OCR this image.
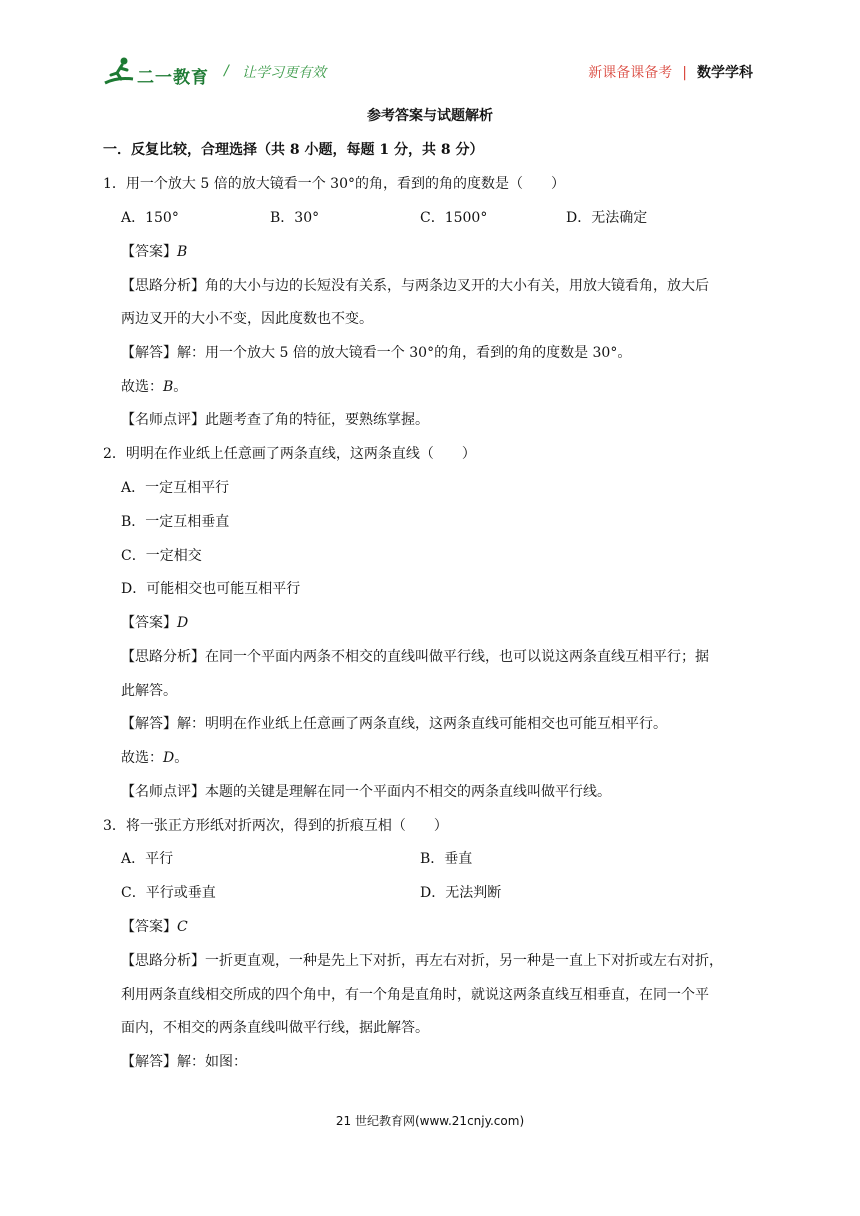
二一教育 / 让学习更有效	新课备课备考 | 数学学科
参考答案与试题解析
一．反复比较，合理选择（共 8 小题，每题 1 分，共 8 分）
1．用一个放大 5 倍的放大镜看一个 30°的角，看到的角的度数是（　　）
A．150°	B．30°	C．1500°	D．无法确定
【答案】B
【思路分析】角的大小与边的长短没有关系，与两条边叉开的大小有关，用放大镜看角，放大后
两边叉开的大小不变，因此度数也不变。
【解答】解：用一个放大 5 倍的放大镜看一个 30°的角，看到的角的度数是 30°。
故选：B。
【名师点评】此题考查了角的特征，要熟练掌握。
2．明明在作业纸上任意画了两条直线，这两条直线（　　）
A．一定互相平行
B．一定互相垂直
C．一定相交
D．可能相交也可能互相平行
【答案】D
【思路分析】在同一个平面内两条不相交的直线叫做平行线，也可以说这两条直线互相平行；据
此解答。
【解答】解：明明在作业纸上任意画了两条直线，这两条直线可能相交也可能互相平行。
故选：D。
【名师点评】本题的关键是理解在同一个平面内不相交的两条直线叫做平行线。
3．将一张正方形纸对折两次，得到的折痕互相（　　）
A．平行	B．垂直
C．平行或垂直	D．无法判断
【答案】C
【思路分析】一折更直观，一种是先上下对折，再左右对折，另一种是一直上下对折或左右对折，
利用两条直线相交所成的四个角中，有一个角是直角时，就说这两条直线互相垂直，在同一个平
面内，不相交的两条直线叫做平行线，据此解答。
【解答】解：如图：
21 世纪教育网(www.21cnjy.com)
